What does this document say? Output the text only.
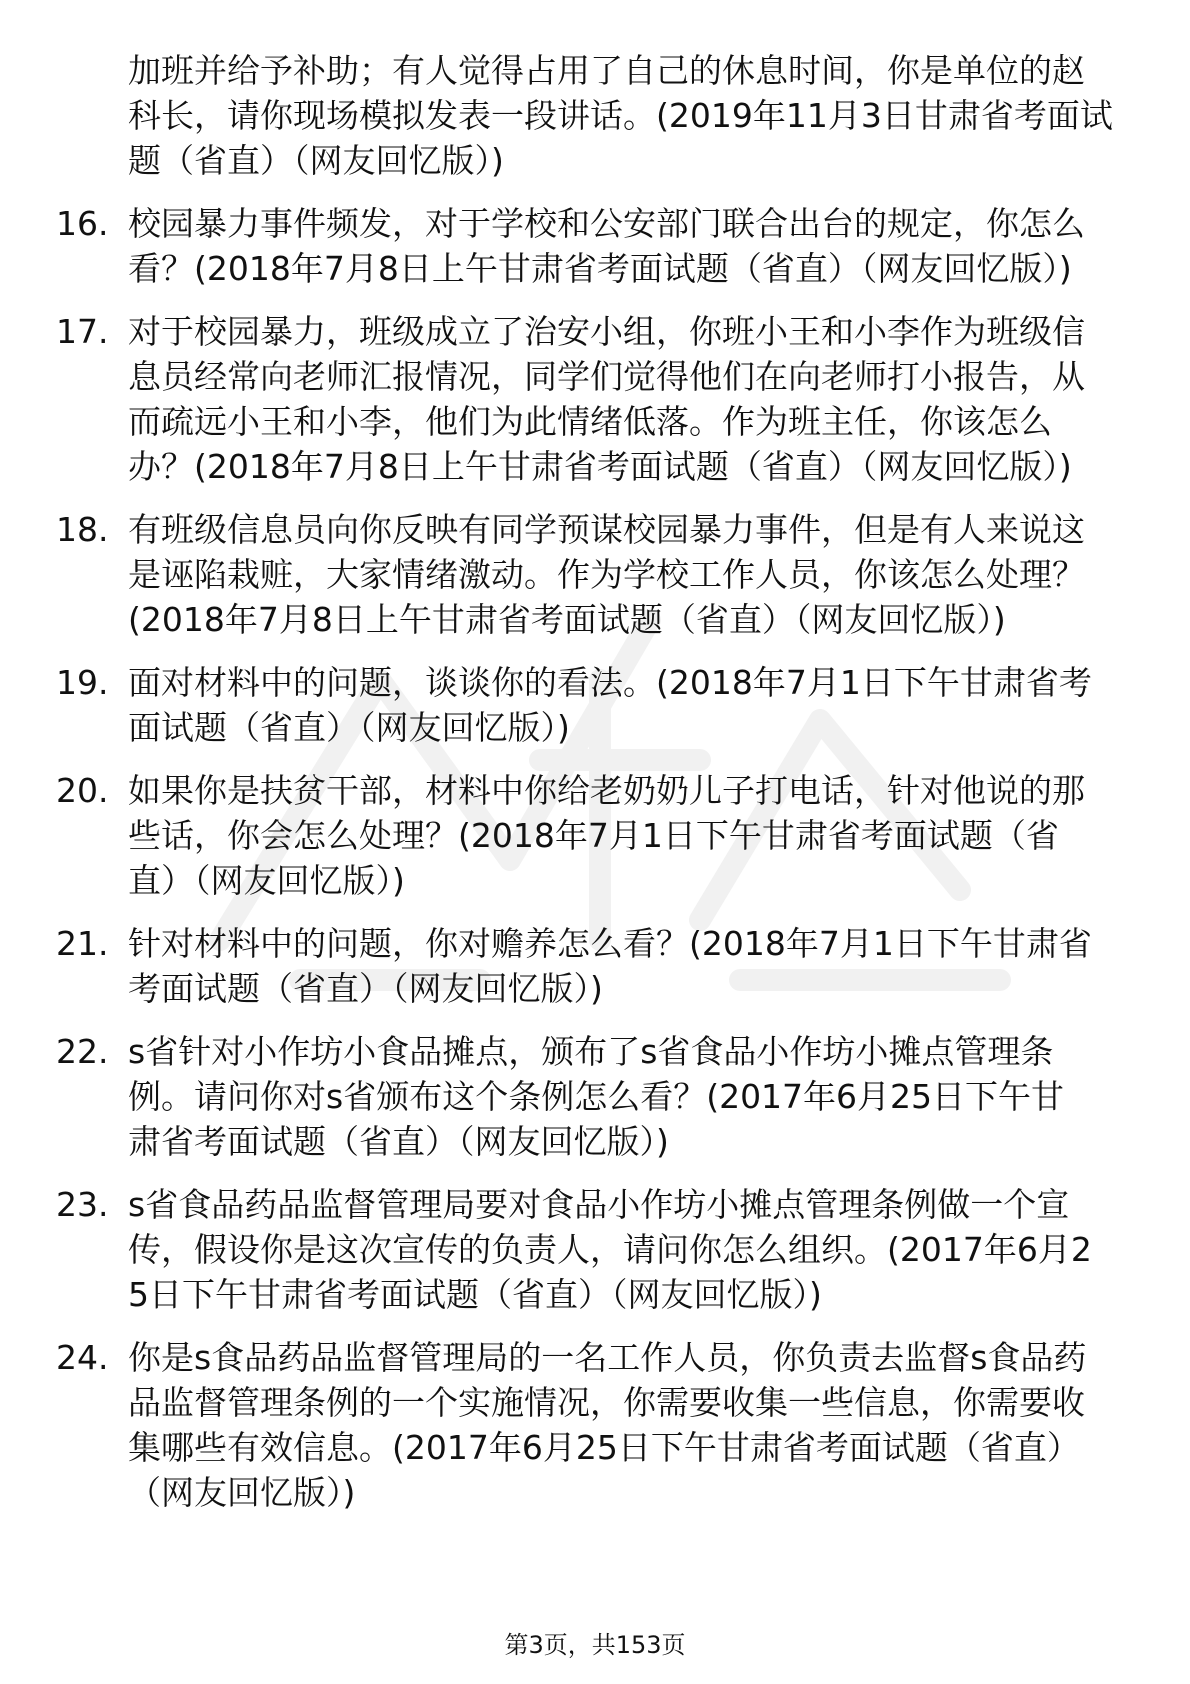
加班并给予补助；有人觉得占用了自己的休息时间，你是单位的赵科长，请你现场模拟发表一段讲话。(2019年11月3日甘肃省考面试题（省直）（网友回忆版）)

16. 校园暴力事件频发，对于学校和公安部门联合出台的规定，你怎么看？(2018年7月8日上午甘肃省考面试题（省直）（网友回忆版）)
17. 对于校园暴力，班级成立了治安小组，你班小王和小李作为班级信息员经常向老师汇报情况，同学们觉得他们在向老师打小报告，从而疏远小王和小李，他们为此情绪低落。作为班主任，你该怎么办？(2018年7月8日上午甘肃省考面试题（省直）（网友回忆版）)
18. 有班级信息员向你反映有同学预谋校园暴力事件，但是有人来说这是诬陷栽赃，大家情绪激动。作为学校工作人员，你该怎么处理？(2018年7月8日上午甘肃省考面试题（省直）（网友回忆版）)
19. 面对材料中的问题，谈谈你的看法。(2018年7月1日下午甘肃省考面试题（省直）（网友回忆版）)
20. 如果你是扶贫干部，材料中你给老奶奶儿子打电话，针对他说的那些话，你会怎么处理？(2018年7月1日下午甘肃省考面试题（省直）（网友回忆版）)
21. 针对材料中的问题，你对赡养怎么看？(2018年7月1日下午甘肃省考面试题（省直）（网友回忆版）)
22. s省针对小作坊小食品摊点，颁布了s省食品小作坊小摊点管理条例。请问你对s省颁布这个条例怎么看？(2017年6月25日下午甘肃省考面试题（省直）（网友回忆版）)
23. s省食品药品监督管理局要对食品小作坊小摊点管理条例做一个宣传，假设你是这次宣传的负责人，请问你怎么组织。(2017年6月25日下午甘肃省考面试题（省直）（网友回忆版）)
24. 你是s食品药品监督管理局的一名工作人员，你负责去监督s食品药品监督管理条例的一个实施情况，你需要收集一些信息，你需要收集哪些有效信息。(2017年6月25日下午甘肃省考面试题（省直）（网友回忆版）)
第3页，共153页
